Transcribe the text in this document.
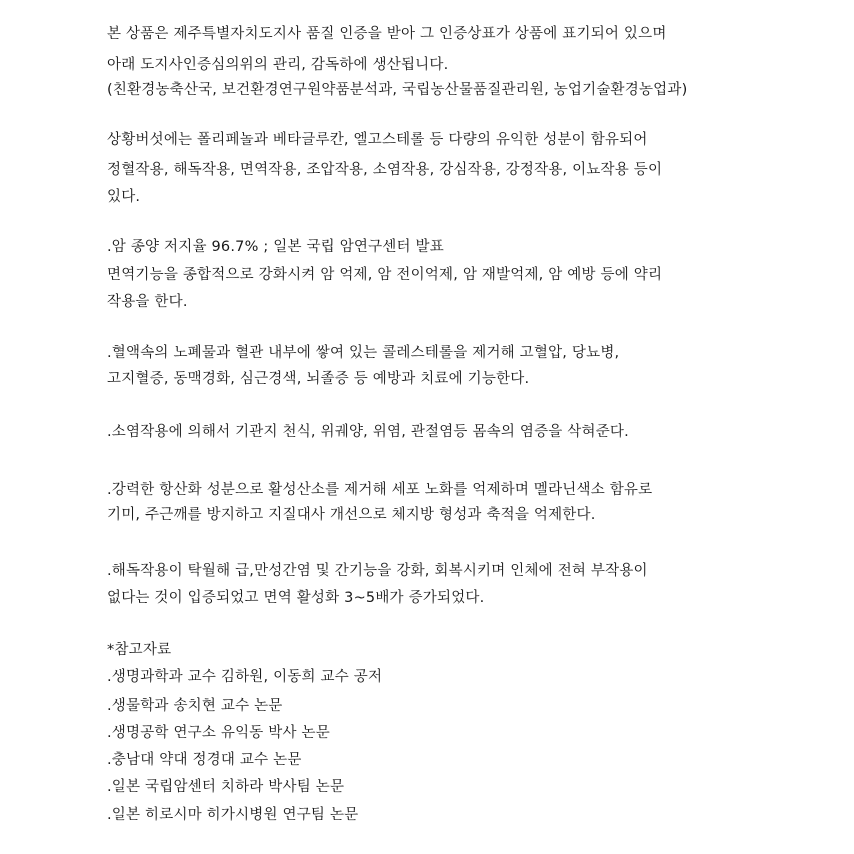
본 상품은 제주특별자치도지사 품질 인증을 받아 그 인증상표가 상품에 표기되어 있으며
아래 도지사인증심의위의 관리, 감독하에 생산됩니다.
(친환경농축산국, 보건환경연구원약품분석과, 국립농산물품질관리원, 농업기술환경농업과)
상황버섯에는 폴리페놀과 베타글루칸, 엘고스테롤 등 다량의 유익한 성분이 함유되어
정혈작용, 해독작용, 면역작용, 조압작용, 소염작용, 강심작용, 강정작용, 이뇨작용 등이
있다.
.암 종양 저지율 96.7% ; 일본 국립 암연구센터 발표
면역기능을 종합적으로 강화시켜 암 억제, 암 전이억제, 암 재발억제, 암 예방 등에 약리
작용을 한다.
.혈액속의 노폐물과 혈관 내부에 쌓여 있는 콜레스테롤을 제거해 고혈압, 당뇨병,
고지혈증, 동맥경화, 심근경색, 뇌졸증 등 예방과 치료에 기능한다.
.소염작용에 의해서 기관지 천식, 위궤양, 위염, 관절염등 몸속의 염증을 삭혀준다.
.강력한 항산화 성분으로 활성산소를 제거해 세포 노화를 억제하며 멜라닌색소 함유로
기미, 주근깨를 방지하고 지질대사 개선으로 체지방 형성과 축적을 억제한다.
.해독작용이 탁월해 급,만성간염 및 간기능을 강화, 회복시키며 인체에 전혀 부작용이
없다는 것이 입증되었고 면역 활성화 3~5배가 증가되었다.
*참고자료
.생명과학과 교수 김하원, 이동희 교수 공저
.생물학과 송치현 교수 논문
.생명공학 연구소 유익동 박사 논문
.충남대 약대 정경대 교수 논문
.일본 국립암센터 치하라 박사팀 논문
.일본 히로시마 히가시병원 연구팀 논문
